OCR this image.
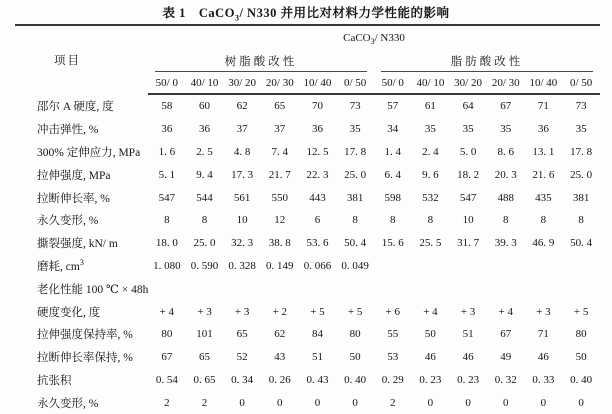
表 1　CaCO$_3$/ N330 并用比对材料力学性能的影响
项目	CaCO$_3$/ N330											

	树脂酸改性						脂肪酸改性					

	50/ 0	40/ 10	30/ 20	20/ 30	10/ 40	0/ 50	50/ 0	40/ 10	30/ 20	20/ 30	10/ 40	0/ 50
邵尔 A 硬度, 度	58	60	62	65	70	73	57	61	64	67	71	73
冲击弹性, %	36	36	37	37	36	35	34	35	35	35	36	35
300% 定伸应力, MPa	1. 6	2. 5	4. 8	7. 4	12. 5	17. 8	1. 4	2. 4	5. 0	8. 6	13. 1	17. 8
拉伸强度, MPa	5. 1	9. 4	17. 3	21. 7	22. 3	25. 0	6. 4	9. 6	18. 2	20. 3	21. 6	25. 0
拉断伸长率, %	547	544	561	550	443	381	598	532	547	488	435	381
永久变形, %	8	8	10	12	6	8	8	8	10	8	8	8
撕裂强度, kN/ m	18. 0	25. 0	32. 3	38. 8	53. 6	50. 4	15. 6	25. 5	31. 7	39. 3	46. 9	50. 4
磨耗, $cm^3$	1. 080	0. 590	0. 328	0. 149	0. 066	0. 049						
老化性能 100 ℃ × 48h												
硬度变化, 度	+ 4	+ 3	+ 3	+ 2	+ 5	+ 5	+ 6	+ 4	+ 3	+ 4	+ 3	+ 5
拉伸强度保持率, %	80	101	65	62	84	80	55	50	51	67	71	80
拉断伸长率保持, %	67	65	52	43	51	50	53	46	46	49	46	50
抗张积	0. 54	0. 65	0. 34	0. 26	0. 43	0. 40	0. 29	0. 23	0. 23	0. 32	0. 33	0. 40
永久变形, %	2	2	0	0	0	0	2	0	0	0	0	0
